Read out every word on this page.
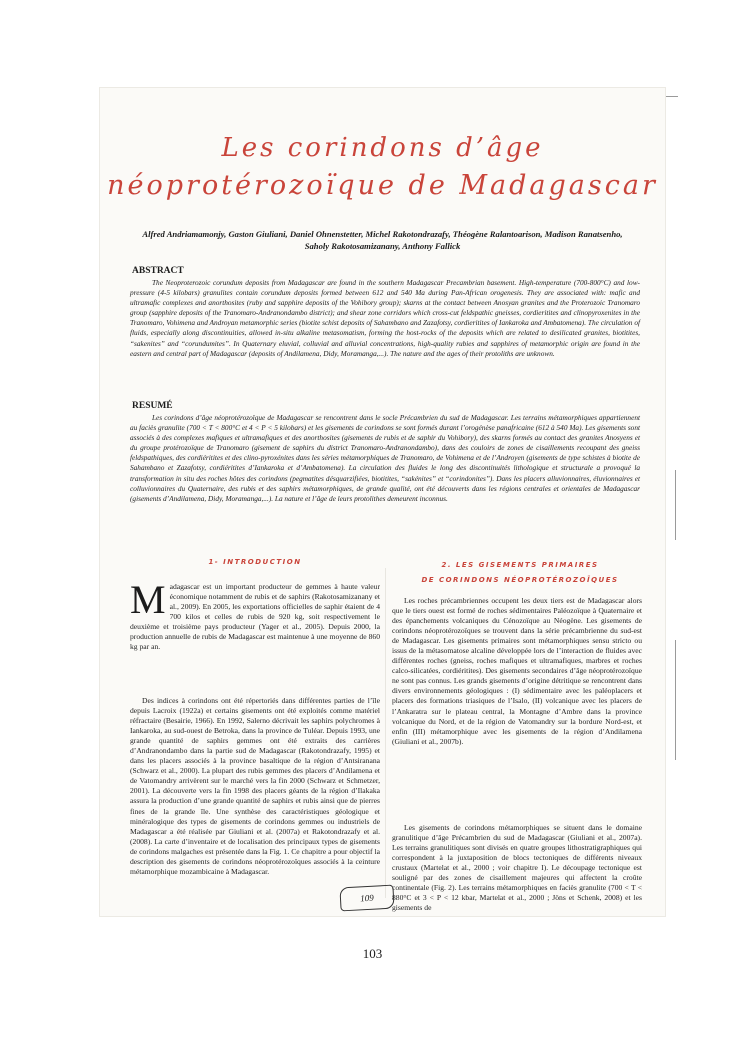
Les corindons d’âge
néoprotérozoïque de Madagascar

Alfred Andriamamonjy, Gaston Giuliani, Daniel Ohnenstetter, Michel Rakotondrazafy, Théogène Ralantoarison, Madison Ranatsenho, Saholy Rakotosamizanany, Anthony Fallick

ABSTRACT

The Neoproterozoic corundum deposits from Madagascar are found in the southern Madagascar Precambrian basement. High-temperature (700-800°C) and low-pressure (4-5 kilobars) granulites contain corundum deposits formed between 612 and 540 Ma during Pan-African orogenesis. They are associated with: mafic and ultramafic complexes and anorthosites (ruby and sapphire deposits of the Vohibory group); skarns at the contact between Anosyan granites and the Proterozoic Tranomaro group (sapphire deposits of the Tranomaro-Andranondambo district); and shear zone corridors which cross-cut feldspathic gneisses, cordieritites and clinopyroxenites in the Tranomaro, Vohimena and Androyan metamorphic series (biotite schist deposits of Sahambano and Zazafotsy, cordieritites of Iankaroka and Ambatomena). The circulation of fluids, especially along discontinuities, allowed in-situ alkaline metasomatism, forming the host-rocks of the deposits which are related to desilicated granites, biotitites, “sakenites” and “corundumites”. In Quaternary eluvial, colluvial and alluvial concentrations, high-quality rubies and sapphires of metamorphic origin are found in the eastern and central part of Madagascar (deposits of Andilamena, Didy, Moramanga,...). The nature and the ages of their protoliths are unknown.

RESUMÉ

Les corindons d’âge néoprotérozoïque de Madagascar se rencontrent dans le socle Précambrien du sud de Madagascar. Les terrains métamorphiques appartiennent au faciès granulite (700 < T < 800°C et 4 < P < 5 kilobars) et les gisements de corindons se sont formés durant l’orogénèse panafricaine (612 à 540 Ma). Les gisements sont associés à des complexes mafiques et ultramafiques et des anorthosites (gisements de rubis et de saphir du Vohibory), des skarns formés au contact des granites Anosyens et du groupe protérozoïque de Tranomaro (gisement de saphirs du district Tranomaro-Andranondambo), dans des couloirs de zones de cisaillements recoupant des gneiss feldspathiques, des cordiéritites et des clino-pyroxénites dans les séries métamorphiques de Tranomaro, de Vohimena et de l’Androyen (gisements de type schistes à biotite de Sahambano et Zazafotsy, cordiéritites d’Iankaroka et d’Ambatomena). La circulation des fluides le long des discontinuités lithologique et structurale a provoqué la transformation in situ des roches hôtes des corindons (pegmatites désquarzifiées, biotitites, “sakénites” et “corindonites”). Dans les placers alluvionnaires, éluvionnaires et colluvionnaires du Quaternaire, des rubis et des saphirs métamorphiques, de grande qualité, ont été découverts dans les régions centrales et orientales de Madagascar (gisements d’Andilamena, Didy, Moramanga,...). La nature et l’âge de leurs protolithes demeurent inconnus.

1- INTRODUCTION	2. LES GISEMENTS PRIMAIRES
DE CORINDONS NÉOPROTÉROZOÏQUES

Madagascar est un important producteur de gemmes à haute valeur économique notamment de rubis et de saphirs (Rakotosamizanany et al., 2009). En 2005, les exportations officielles de saphir étaient de 4 700 kilos et celles de rubis de 920 kg, soit respectivement le deuxième et troisième pays producteur (Yager et al., 2005). Depuis 2000, la production annuelle de rubis de Madagascar est maintenue à une moyenne de 860 kg par an.

Des indices à corindons ont été répertoriés dans différentes parties de l’île depuis Lacroix (1922a) et certains gisements ont été exploités comme matériel réfractaire (Besairie, 1966). En 1992, Salerno décrivait les saphirs polychromes à Iankaroka, au sud-ouest de Betroka, dans la province de Tuléar. Depuis 1993, une grande quantité de saphirs gemmes ont été extraits des carrières d’Andranondambo dans la partie sud de Madagascar (Rakotondrazafy, 1995) et dans les placers associés à la province basaltique de la région d’Antsiranana (Schwarz et al., 2000). La plupart des rubis gemmes des placers d’Andilamena et de Vatomandry arrivèrent sur le marché vers la fin 2000 (Schwarz et Schmetzer, 2001). La découverte vers la fin 1998 des placers géants de la région d’Ilakaka assura la production d’une grande quantité de saphirs et rubis ainsi que de pierres fines de la grande île. Une synthèse des caractéristiques géologique et minéralogique des types de gisements de corindons gemmes ou industriels de Madagascar a été réalisée par Giuliani et al. (2007a) et Rakotondrazafy et al. (2008). La carte d’inventaire et de localisation des principaux types de gisements de corindons malgaches est présentée dans la Fig. 1. Ce chapitre a pour objectif la description des gisements de corindons néoprotérozoïques associés à la ceinture métamorphique mozambicaine à Madagascar.

Les roches précambriennes occupent les deux tiers est de Madagascar alors que le tiers ouest est formé de roches sédimentaires Paléozoïque à Quaternaire et des épanchements volcaniques du Cénozoïque au Néogène. Les gisements de corindons néoprotérozoïques se trouvent dans la série précambrienne du sud-est de Madagascar. Les gisements primaires sont métamorphiques sensu stricto ou issus de la métasomatose alcaline développée lors de l’interaction de fluides avec différentes roches (gneiss, roches mafiques et ultramafiques, marbres et roches calco-silicatées, cordiéritites). Des gisements secondaires d’âge néoprotérozoïque ne sont pas connus. Les grands gisements d’origine détritique se rencontrent dans divers environnements géologiques : (I) sédimentaire avec les paléoplacers et placers des formations triasiques de l’Isalo, (II) volcanique avec les placers de l’Ankaratra sur le plateau central, la Montagne d’Ambre dans la province volcanique du Nord, et de la région de Vatomandry sur la bordure Nord-est, et enfin (III) métamorphique avec les gisements de la région d’Andilamena (Giuliani et al., 2007b).

Les gisements de corindons métamorphiques se situent dans le domaine granulitique d’âge Précambrien du sud de Madagascar (Giuliani et al., 2007a). Les terrains granulitiques sont divisés en quatre groupes lithostratigraphiques qui correspondent à la juxtaposition de blocs tectoniques de différents niveaux crustaux (Martelat et al., 2000 ; voir chapitre I). Le découpage tectonique est souligné par des zones de cisaillement majeures qui affectent la croûte continentale (Fig. 2). Les terrains métamorphiques en faciès granulite (700 < T < 880°C et 3 < P < 12 kbar, Martelat et al., 2000 ; Jöns et Schenk, 2008) et les gisements de

109

103
